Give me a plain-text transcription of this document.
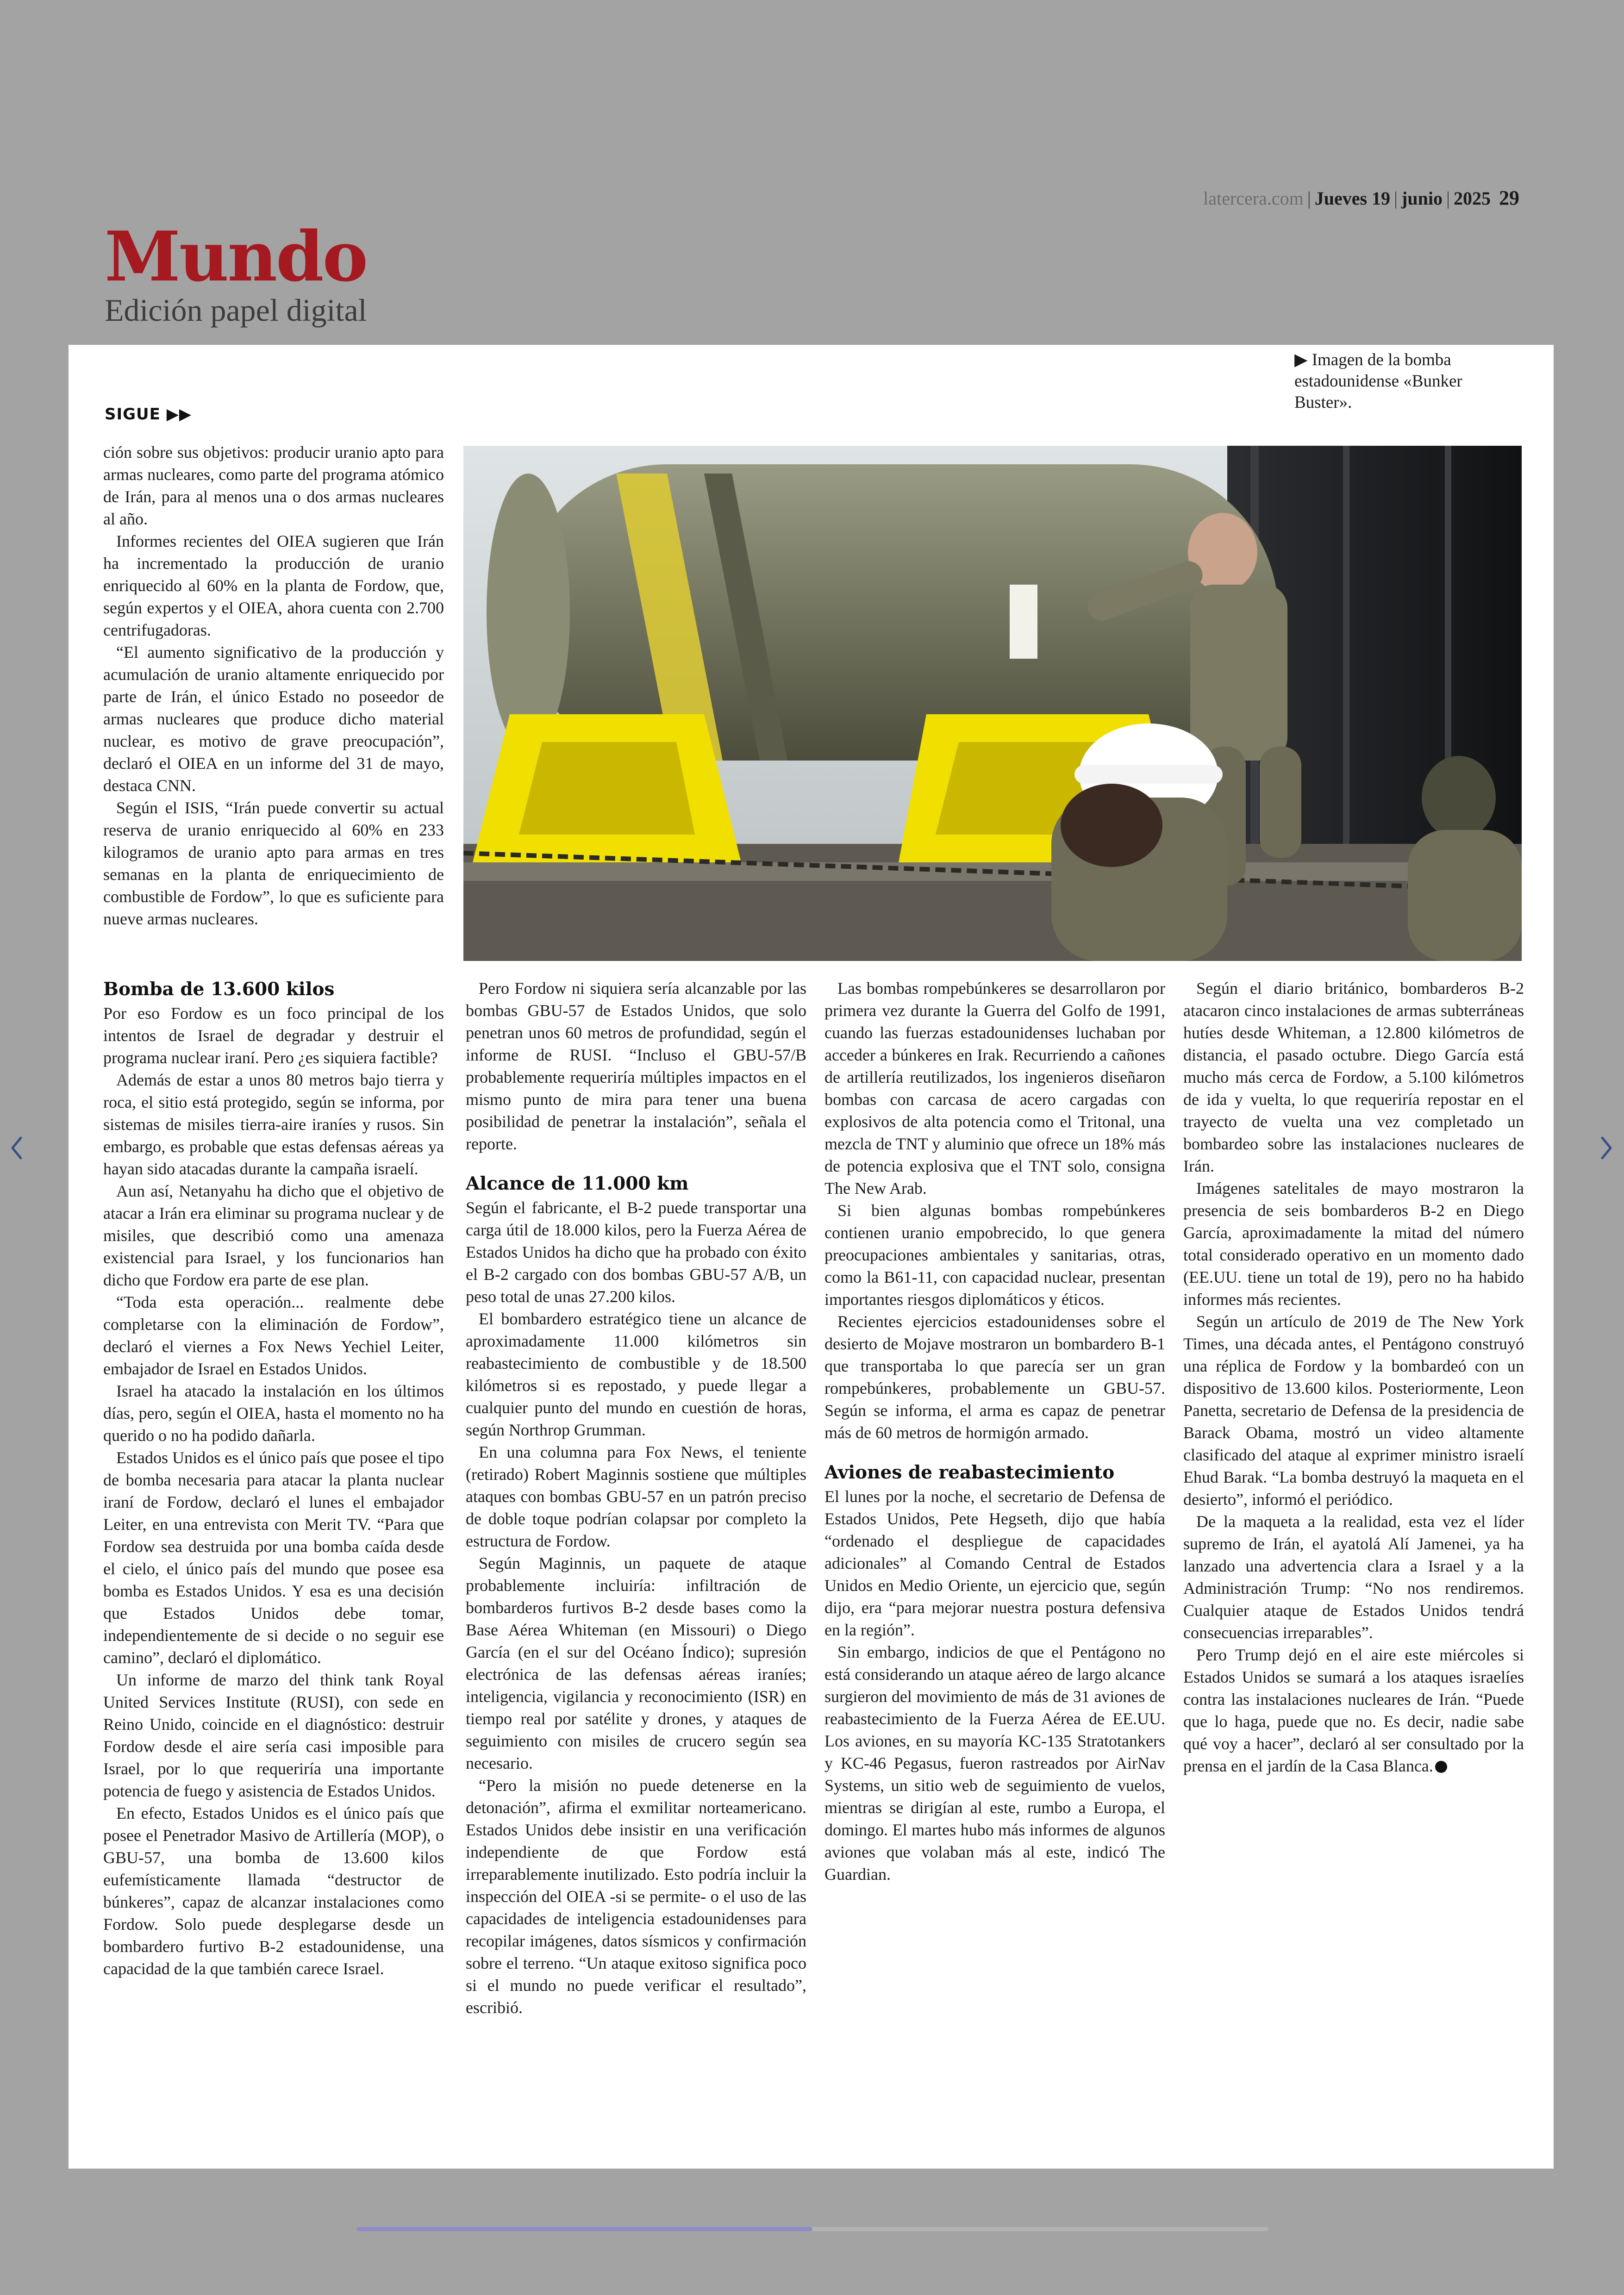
latercera.com | Jueves 19 | junio | 2025 29
Mundo
Edición papel digital
SIGUE ▶▶
▶ Imagen de la bomba estadounidense «Bunker Buster».

ción sobre sus objetivos: producir uranio apto para armas nucleares, como parte del programa atómico de Irán, para al menos una o dos armas nucleares al año.

Informes recientes del OIEA sugieren que Irán ha incrementado la producción de uranio enriquecido al 60% en la planta de Fordow, que, según expertos y el OIEA, ahora cuenta con 2.700 centrifugadoras.

“El aumento significativo de la producción y acumulación de uranio altamente enriquecido por parte de Irán, el único Estado no poseedor de armas nucleares que produce dicho material nuclear, es motivo de grave preocupación”, declaró el OIEA en un informe del 31 de mayo, destaca CNN.

Según el ISIS, “Irán puede convertir su actual reserva de uranio enriquecido al 60% en 233 kilogramos de uranio apto para armas en tres semanas en la planta de enriquecimiento de combustible de Fordow”, lo que es suficiente para nueve armas nucleares.

Bomba de 13.600 kilos

Por eso Fordow es un foco principal de los intentos de Israel de degradar y destruir el programa nuclear iraní. Pero ¿es siquiera factible?

Además de estar a unos 80 metros bajo tierra y roca, el sitio está protegido, según se informa, por sistemas de misiles tierra-aire iraníes y rusos. Sin embargo, es probable que estas defensas aéreas ya hayan sido atacadas durante la campaña israelí.

Aun así, Netanyahu ha dicho que el objetivo de atacar a Irán era eliminar su programa nuclear y de misiles, que describió como una amenaza existencial para Israel, y los funcionarios han dicho que Fordow era parte de ese plan.

“Toda esta operación... realmente debe completarse con la eliminación de Fordow”, declaró el viernes a Fox News Yechiel Leiter, embajador de Israel en Estados Unidos.

Israel ha atacado la instalación en los últimos días, pero, según el OIEA, hasta el momento no ha querido o no ha podido dañarla.

Estados Unidos es el único país que posee el tipo de bomba necesaria para atacar la planta nuclear iraní de Fordow, declaró el lunes el embajador Leiter, en una entrevista con Merit TV. “Para que Fordow sea destruida por una bomba caída desde el cielo, el único país del mundo que posee esa bomba es Estados Unidos. Y esa es una decisión que Estados Unidos debe tomar, independientemente de si decide o no seguir ese camino”, declaró el diplomático.

Un informe de marzo del think tank Royal United Services Institute (RUSI), con sede en Reino Unido, coincide en el diagnóstico: destruir Fordow desde el aire sería casi imposible para Israel, por lo que requeriría una importante potencia de fuego y asistencia de Estados Unidos.

En efecto, Estados Unidos es el único país que posee el Penetrador Masivo de Artillería (MOP), o GBU-57, una bomba de 13.600 kilos eufemísticamente llamada “destructor de búnkeres”, capaz de alcanzar instalaciones como Fordow. Solo puede desplegarse desde un bombardero furtivo B-2 estadounidense, una capacidad de la que también carece Israel.

Pero Fordow ni siquiera sería alcanzable por las bombas GBU-57 de Estados Unidos, que solo penetran unos 60 metros de profundidad, según el informe de RUSI. “Incluso el GBU-57/B probablemente requeriría múltiples impactos en el mismo punto de mira para tener una buena posibilidad de penetrar la instalación”, señala el reporte.

Alcance de 11.000 km

Según el fabricante, el B-2 puede transportar una carga útil de 18.000 kilos, pero la Fuerza Aérea de Estados Unidos ha dicho que ha probado con éxito el B-2 cargado con dos bombas GBU-57 A/B, un peso total de unas 27.200 kilos.

El bombardero estratégico tiene un alcance de aproximadamente 11.000 kilómetros sin reabastecimiento de combustible y de 18.500 kilómetros si es repostado, y puede llegar a cualquier punto del mundo en cuestión de horas, según Northrop Grumman.

En una columna para Fox News, el teniente (retirado) Robert Maginnis sostiene que múltiples ataques con bombas GBU-57 en un patrón preciso de doble toque podrían colapsar por completo la estructura de Fordow.

Según Maginnis, un paquete de ataque probablemente incluiría: infiltración de bombarderos furtivos B-2 desde bases como la Base Aérea Whiteman (en Missouri) o Diego García (en el sur del Océano Índico); supresión electrónica de las defensas aéreas iraníes; inteligencia, vigilancia y reconocimiento (ISR) en tiempo real por satélite y drones, y ataques de seguimiento con misiles de crucero según sea necesario.

“Pero la misión no puede detenerse en la detonación”, afirma el exmilitar norteamericano. Estados Unidos debe insistir en una verificación independiente de que Fordow está irreparablemente inutilizado. Esto podría incluir la inspección del OIEA -si se permite- o el uso de las capacidades de inteligencia estadounidenses para recopilar imágenes, datos sísmicos y confirmación sobre el terreno. “Un ataque exitoso significa poco si el mundo no puede verificar el resultado”, escribió.

Las bombas rompebúnkeres se desarrollaron por primera vez durante la Guerra del Golfo de 1991, cuando las fuerzas estadounidenses luchaban por acceder a búnkeres en Irak. Recurriendo a cañones de artillería reutilizados, los ingenieros diseñaron bombas con carcasa de acero cargadas con explosivos de alta potencia como el Tritonal, una mezcla de TNT y aluminio que ofrece un 18% más de potencia explosiva que el TNT solo, consigna The New Arab.

Si bien algunas bombas rompebúnkeres contienen uranio empobrecido, lo que genera preocupaciones ambientales y sanitarias, otras, como la B61-11, con capacidad nuclear, presentan importantes riesgos diplomáticos y éticos.

Recientes ejercicios estadounidenses sobre el desierto de Mojave mostraron un bombardero B-1 que transportaba lo que parecía ser un gran rompebúnkeres, probablemente un GBU-57. Según se informa, el arma es capaz de penetrar más de 60 metros de hormigón armado.

Aviones de reabastecimiento

El lunes por la noche, el secretario de Defensa de Estados Unidos, Pete Hegseth, dijo que había “ordenado el despliegue de capacidades adicionales” al Comando Central de Estados Unidos en Medio Oriente, un ejercicio que, según dijo, era “para mejorar nuestra postura defensiva en la región”.

Sin embargo, indicios de que el Pentágono no está considerando un ataque aéreo de largo alcance surgieron del movimiento de más de 31 aviones de reabastecimiento de la Fuerza Aérea de EE.UU. Los aviones, en su mayoría KC-135 Stratotankers y KC-46 Pegasus, fueron rastreados por AirNav Systems, un sitio web de seguimiento de vuelos, mientras se dirigían al este, rumbo a Europa, el domingo. El martes hubo más informes de algunos aviones que volaban más al este, indicó The Guardian.

Según el diario británico, bombarderos B-2 atacaron cinco instalaciones de armas subterráneas hutíes desde Whiteman, a 12.800 kilómetros de distancia, el pasado octubre. Diego García está mucho más cerca de Fordow, a 5.100 kilómetros de ida y vuelta, lo que requeriría repostar en el trayecto de vuelta una vez completado un bombardeo sobre las instalaciones nucleares de Irán.

Imágenes satelitales de mayo mostraron la presencia de seis bombarderos B-2 en Diego García, aproximadamente la mitad del número total considerado operativo en un momento dado (EE.UU. tiene un total de 19), pero no ha habido informes más recientes.

Según un artículo de 2019 de The New York Times, una década antes, el Pentágono construyó una réplica de Fordow y la bombardeó con un dispositivo de 13.600 kilos. Posteriormente, Leon Panetta, secretario de Defensa de la presidencia de Barack Obama, mostró un video altamente clasificado del ataque al exprimer ministro israelí Ehud Barak. “La bomba destruyó la maqueta en el desierto”, informó el periódico.

De la maqueta a la realidad, esta vez el líder supremo de Irán, el ayatolá Alí Jamenei, ya ha lanzado una advertencia clara a Israel y a la Administración Trump: “No nos rendiremos. Cualquier ataque de Estados Unidos tendrá consecuencias irreparables”.

Pero Trump dejó en el aire este miércoles si Estados Unidos se sumará a los ataques israelíes contra las instalaciones nucleares de Irán. “Puede que lo haga, puede que no. Es decir, nadie sabe qué voy a hacer”, declaró al ser consultado por la prensa en el jardín de la Casa Blanca.
